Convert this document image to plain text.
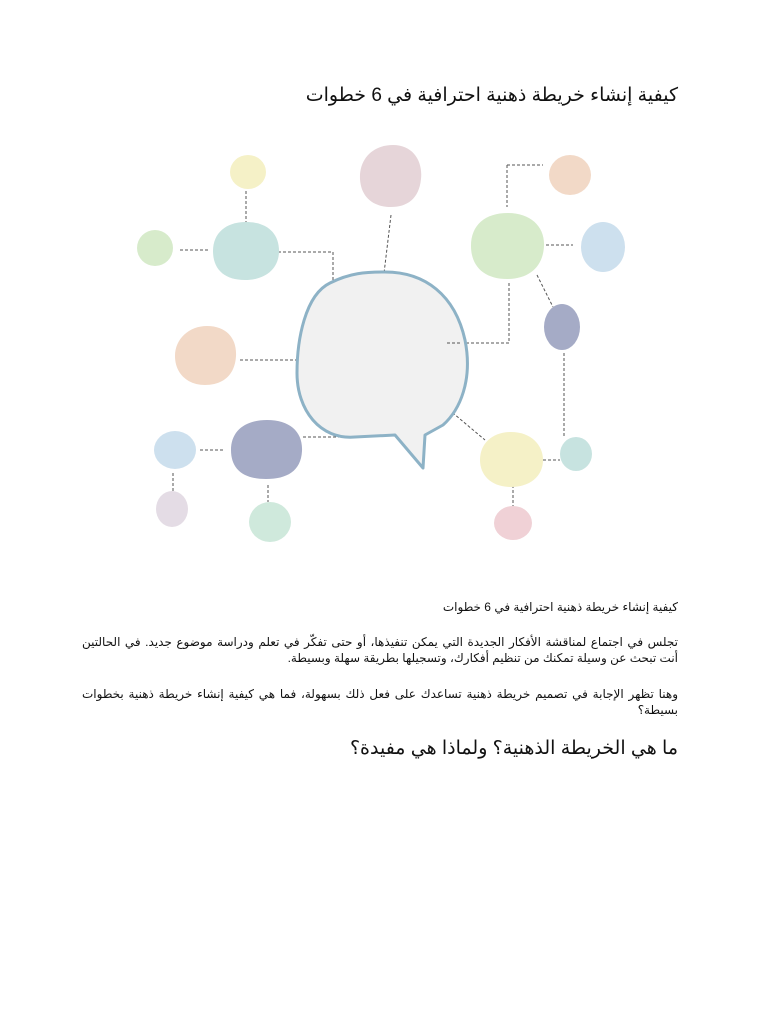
كيفية إنشاء خريطة ذهنية احترافية في 6 خطوات

كيفية إنشاء خريطة ذهنية احترافية في 6 خطوات

تجلس في اجتماع لمناقشة الأفكار الجديدة التي يمكن تنفيذها، أو حتى تفكّر في تعلم ودراسة موضوع جديد. في الحالتين أنت تبحث عن وسيلة تمكنك من تنظيم أفكارك، وتسجيلها بطريقة سهلة وبسيطة.

وهنا تظهر الإجابة في تصميم خريطة ذهنية تساعدك على فعل ذلك بسهولة، فما هي كيفية إنشاء خريطة ذهنية بخطوات بسيطة؟

ما هي الخريطة الذهنية؟ ولماذا هي مفيدة؟
